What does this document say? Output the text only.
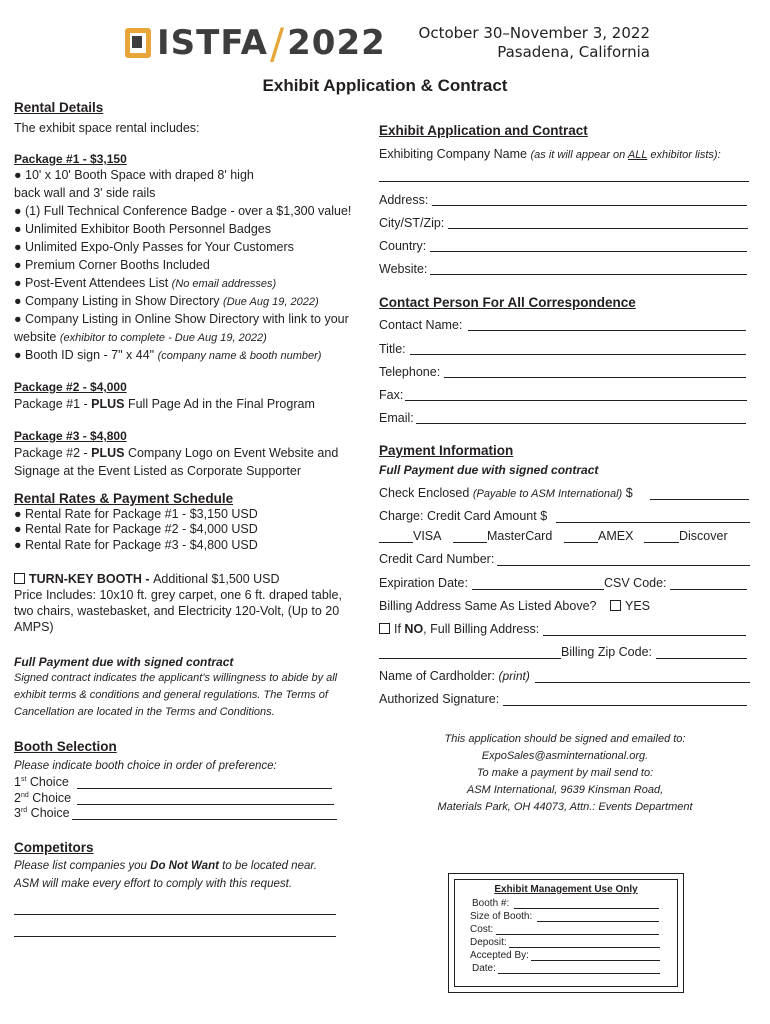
ISTFA / 2022	October 30–November 3, 2022
Pasadena, California
Exhibit Application & Contract
Rental Details
The exhibit space rental includes:
Package #1 - $3,150
● 10' x 10' Booth Space with draped 8' high
back wall and 3' side rails
● (1) Full Technical Conference Badge - over a $1,300 value!
● Unlimited Exhibitor Booth Personnel Badges
● Unlimited Expo-Only Passes for Your Customers
● Premium Corner Booths Included
● Post-Event Attendees List (No email addresses)
● Company Listing in Show Directory (Due Aug 19, 2022)
● Company Listing in Online Show Directory with link to your
website (exhibitor to complete - Due Aug 19, 2022)
● Booth ID sign - 7" x 44" (company name & booth number)
Package #2 - $4,000
Package #1 - PLUS Full Page Ad in the Final Program
Package #3 - $4,800
Package #2 - PLUS Company Logo on Event Website and
Signage at the Event Listed as Corporate Supporter
Rental Rates & Payment Schedule
● Rental Rate for Package #1 - $3,150 USD
● Rental Rate for Package #2 - $4,000 USD
● Rental Rate for Package #3 - $4,800 USD
TURN-KEY BOOTH - Additional $1,500 USD
Price Includes: 10x10 ft. grey carpet, one 6 ft. draped table,
two chairs, wastebasket, and Electricity 120-Volt, (Up to 20
AMPS)
Full Payment due with signed contract
Signed contract indicates the applicant's willingness to abide by all
exhibit terms & conditions and general regulations. The Terms of
Cancellation are located in the Terms and Conditions.
Booth Selection
Please indicate booth choice in order of preference:
1st Choice
2nd Choice
3rd Choice
Competitors
Please list companies you Do Not Want to be located near.
ASM will make every effort to comply with this request.
Exhibit Application and Contract
Exhibiting Company Name (as it will appear on ALL exhibitor lists):
Address:
City/ST/Zip:
Country:
Website:
Contact Person For All Correspondence
Contact Name:
Title:
Telephone:
Fax:
Email:
Payment Information
Full Payment due with signed contract
Check Enclosed (Payable to ASM International) $
Charge: Credit Card Amount $
VISA	MasterCard	AMEX	Discover
Credit Card Number:
Expiration Date:	CSV Code:
Billing Address Same As Listed Above?	YES
If NO, Full Billing Address:
Billing Zip Code:
Name of Cardholder: (print)
Authorized Signature:
This application should be signed and emailed to:
ExpoSales@asminternational.org.
To make a payment by mail send to:
ASM International, 9639 Kinsman Road,
Materials Park, OH 44073, Attn.: Events Department
Exhibit Management Use Only
Booth #:
Size of Booth:
Cost:
Deposit:
Accepted By:
Date:
